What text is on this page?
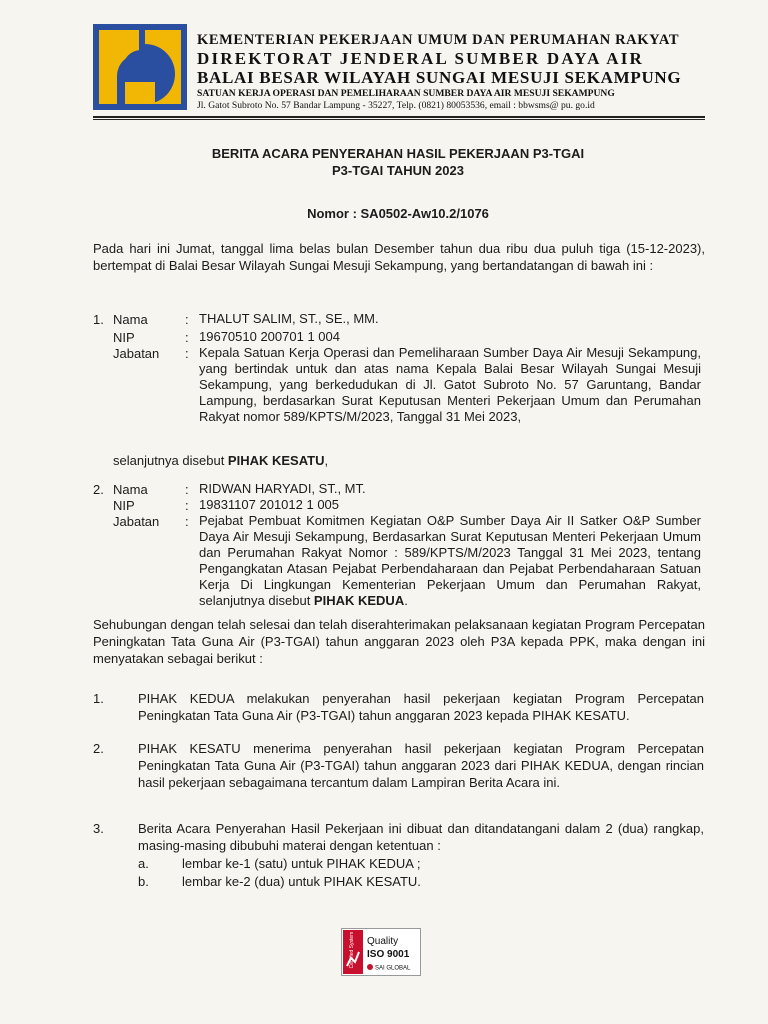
KEMENTERIAN PEKERJAAN UMUM DAN PERUMAHAN RAKYAT
DIREKTORAT JENDERAL SUMBER DAYA AIR
BALAI BESAR WILAYAH SUNGAI MESUJI SEKAMPUNG
SATUAN KERJA OPERASI DAN PEMELIHARAAN SUMBER DAYA AIR MESUJI SEKAMPUNG
Jl. Gatot Subroto No. 57 Bandar Lampung - 35227, Telp. (0821) 80053536, email : bbwsms@ pu. go.id
BERITA ACARA PENYERAHAN HASIL PEKERJAAN P3-TGAI
P3-TGAI TAHUN 2023
Nomor : SA0502-Aw10.2/1076
Pada hari ini Jumat, tanggal lima belas bulan Desember tahun dua ribu dua puluh tiga (15-12-2023), bertempat di Balai Besar Wilayah Sungai Mesuji Sekampung, yang bertandatangan di bawah ini :
1. Nama	: THALUT SALIM, ST., SE., MM.
NIP	: 19670510 200701 1 004
Jabatan : Kepala Satuan Kerja Operasi dan Pemeliharaan Sumber Daya Air Mesuji Sekampung, yang bertindak untuk dan atas nama Kepala Balai Besar Wilayah Sungai Mesuji Sekampung, yang berkedudukan di Jl. Gatot Subroto No. 57 Garuntang, Bandar Lampung, berdasarkan Surat Keputusan Menteri Pekerjaan Umum dan Perumahan Rakyat nomor 589/KPTS/M/2023, Tanggal 31 Mei 2023,
selanjutnya disebut PIHAK KESATU,
2. Nama	: RIDWAN HARYADI, ST., MT.
NIP	: 19831107 201012 1 005
Jabatan : Pejabat Pembuat Komitmen Kegiatan O&P Sumber Daya Air II Satker O&P Sumber Daya Air Mesuji Sekampung, Berdasarkan Surat Keputusan Menteri Pekerjaan Umum dan Perumahan Rakyat Nomor : 589/KPTS/M/2023 Tanggal 31 Mei 2023, tentang Pengangkatan Atasan Pejabat Perbendaharaan dan Pejabat Perbendaharaan Satuan Kerja Di Lingkungan Kementerian Pekerjaan Umum dan Perumahan Rakyat, selanjutnya disebut PIHAK KEDUA.
Sehubungan dengan telah selesai dan telah diserahterimakan pelaksanaan kegiatan Program Percepatan Peningkatan Tata Guna Air (P3-TGAI) tahun anggaran 2023 oleh P3A kepada PPK, maka dengan ini menyatakan sebagai berikut :
1.	PIHAK KEDUA melakukan penyerahan hasil pekerjaan kegiatan Program Percepatan Peningkatan Tata Guna Air (P3-TGAI) tahun anggaran 2023 kepada PIHAK KESATU.
2.	PIHAK KESATU menerima penyerahan hasil pekerjaan kegiatan Program Percepatan Peningkatan Tata Guna Air (P3-TGAI) tahun anggaran 2023 dari PIHAK KEDUA, dengan rincian hasil pekerjaan sebagaimana tercantum dalam Lampiran Berita Acara ini.
3.	Berita Acara Penyerahan Hasil Pekerjaan ini dibuat dan ditandatangani dalam 2 (dua) rangkap, masing-masing dibubuhi materai dengan ketentuan :
a.	lembar ke-1 (satu) untuk PIHAK KEDUA ;
b.	lembar ke-2 (dua) untuk PIHAK KESATU.
Certified System Quality
ISO 9001
SAI GLOBAL
